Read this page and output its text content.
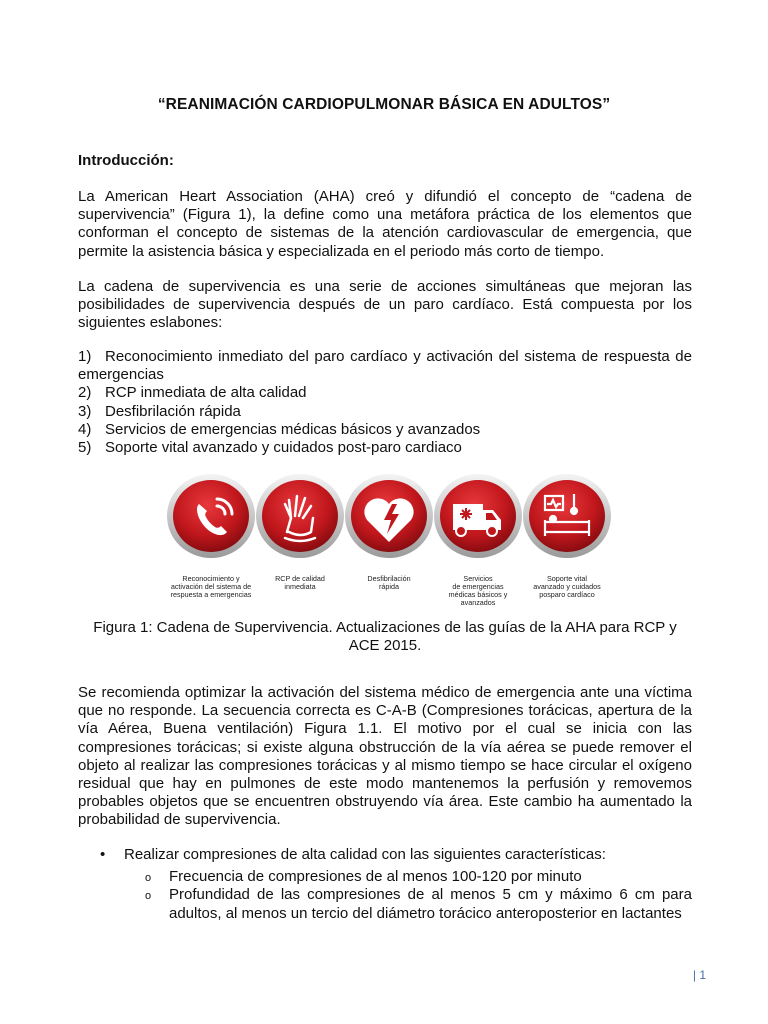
“REANIMACIÓN CARDIOPULMONAR BÁSICA EN ADULTOS”
Introducción:
La American Heart Association (AHA) creó y difundió el concepto de “cadena de supervivencia” (Figura 1), la define como una metáfora práctica de los elementos que conforman el concepto de sistemas de la atención cardiovascular de emergencia, que permite la asistencia básica y especializada en el periodo más corto de tiempo.
La cadena de supervivencia es una serie de acciones simultáneas que mejoran las posibilidades de supervivencia después de un paro cardíaco. Está compuesta por los siguientes eslabones:
1) Reconocimiento inmediato del paro cardíaco y activación del sistema de respuesta de emergencias
2) RCP inmediata de alta calidad
3) Desfibrilación rápida
4) Servicios de emergencias médicas básicos y avanzados
5) Soporte vital avanzado y cuidados post-paro cardiaco
Reconocimiento y
activación del sistema de
respuesta a emergencias
RCP de calidad
inmediata
Desfibrilación
rápida
Servicios
de emergencias
médicas básicos y
avanzados
Soporte vital
avanzado y cuidados
posparo cardíaco
Figura 1: Cadena de Supervivencia. Actualizaciones de las guías de la AHA para RCP y ACE 2015.
Se recomienda optimizar la activación del sistema médico de emergencia ante una víctima que no responde. La secuencia correcta es C-A-B (Compresiones torácicas, apertura de la vía Aérea, Buena ventilación) Figura 1.1. El motivo por el cual se inicia con las compresiones torácicas; si existe alguna obstrucción de la vía aérea se puede remover el objeto al realizar las compresiones torácicas y al mismo tiempo se hace circular el oxígeno residual que hay en pulmones de este modo mantenemos la perfusión y removemos probables objetos que se encuentren obstruyendo vía área. Este cambio ha aumentado la probabilidad de supervivencia.
• Realizar compresiones de alta calidad con las siguientes características:
o Frecuencia de compresiones de al menos 100-120 por minuto
o Profundidad de las compresiones de al menos 5 cm y máximo 6 cm para adultos, al menos un tercio del diámetro torácico anteroposterior en lactantes
| 1
